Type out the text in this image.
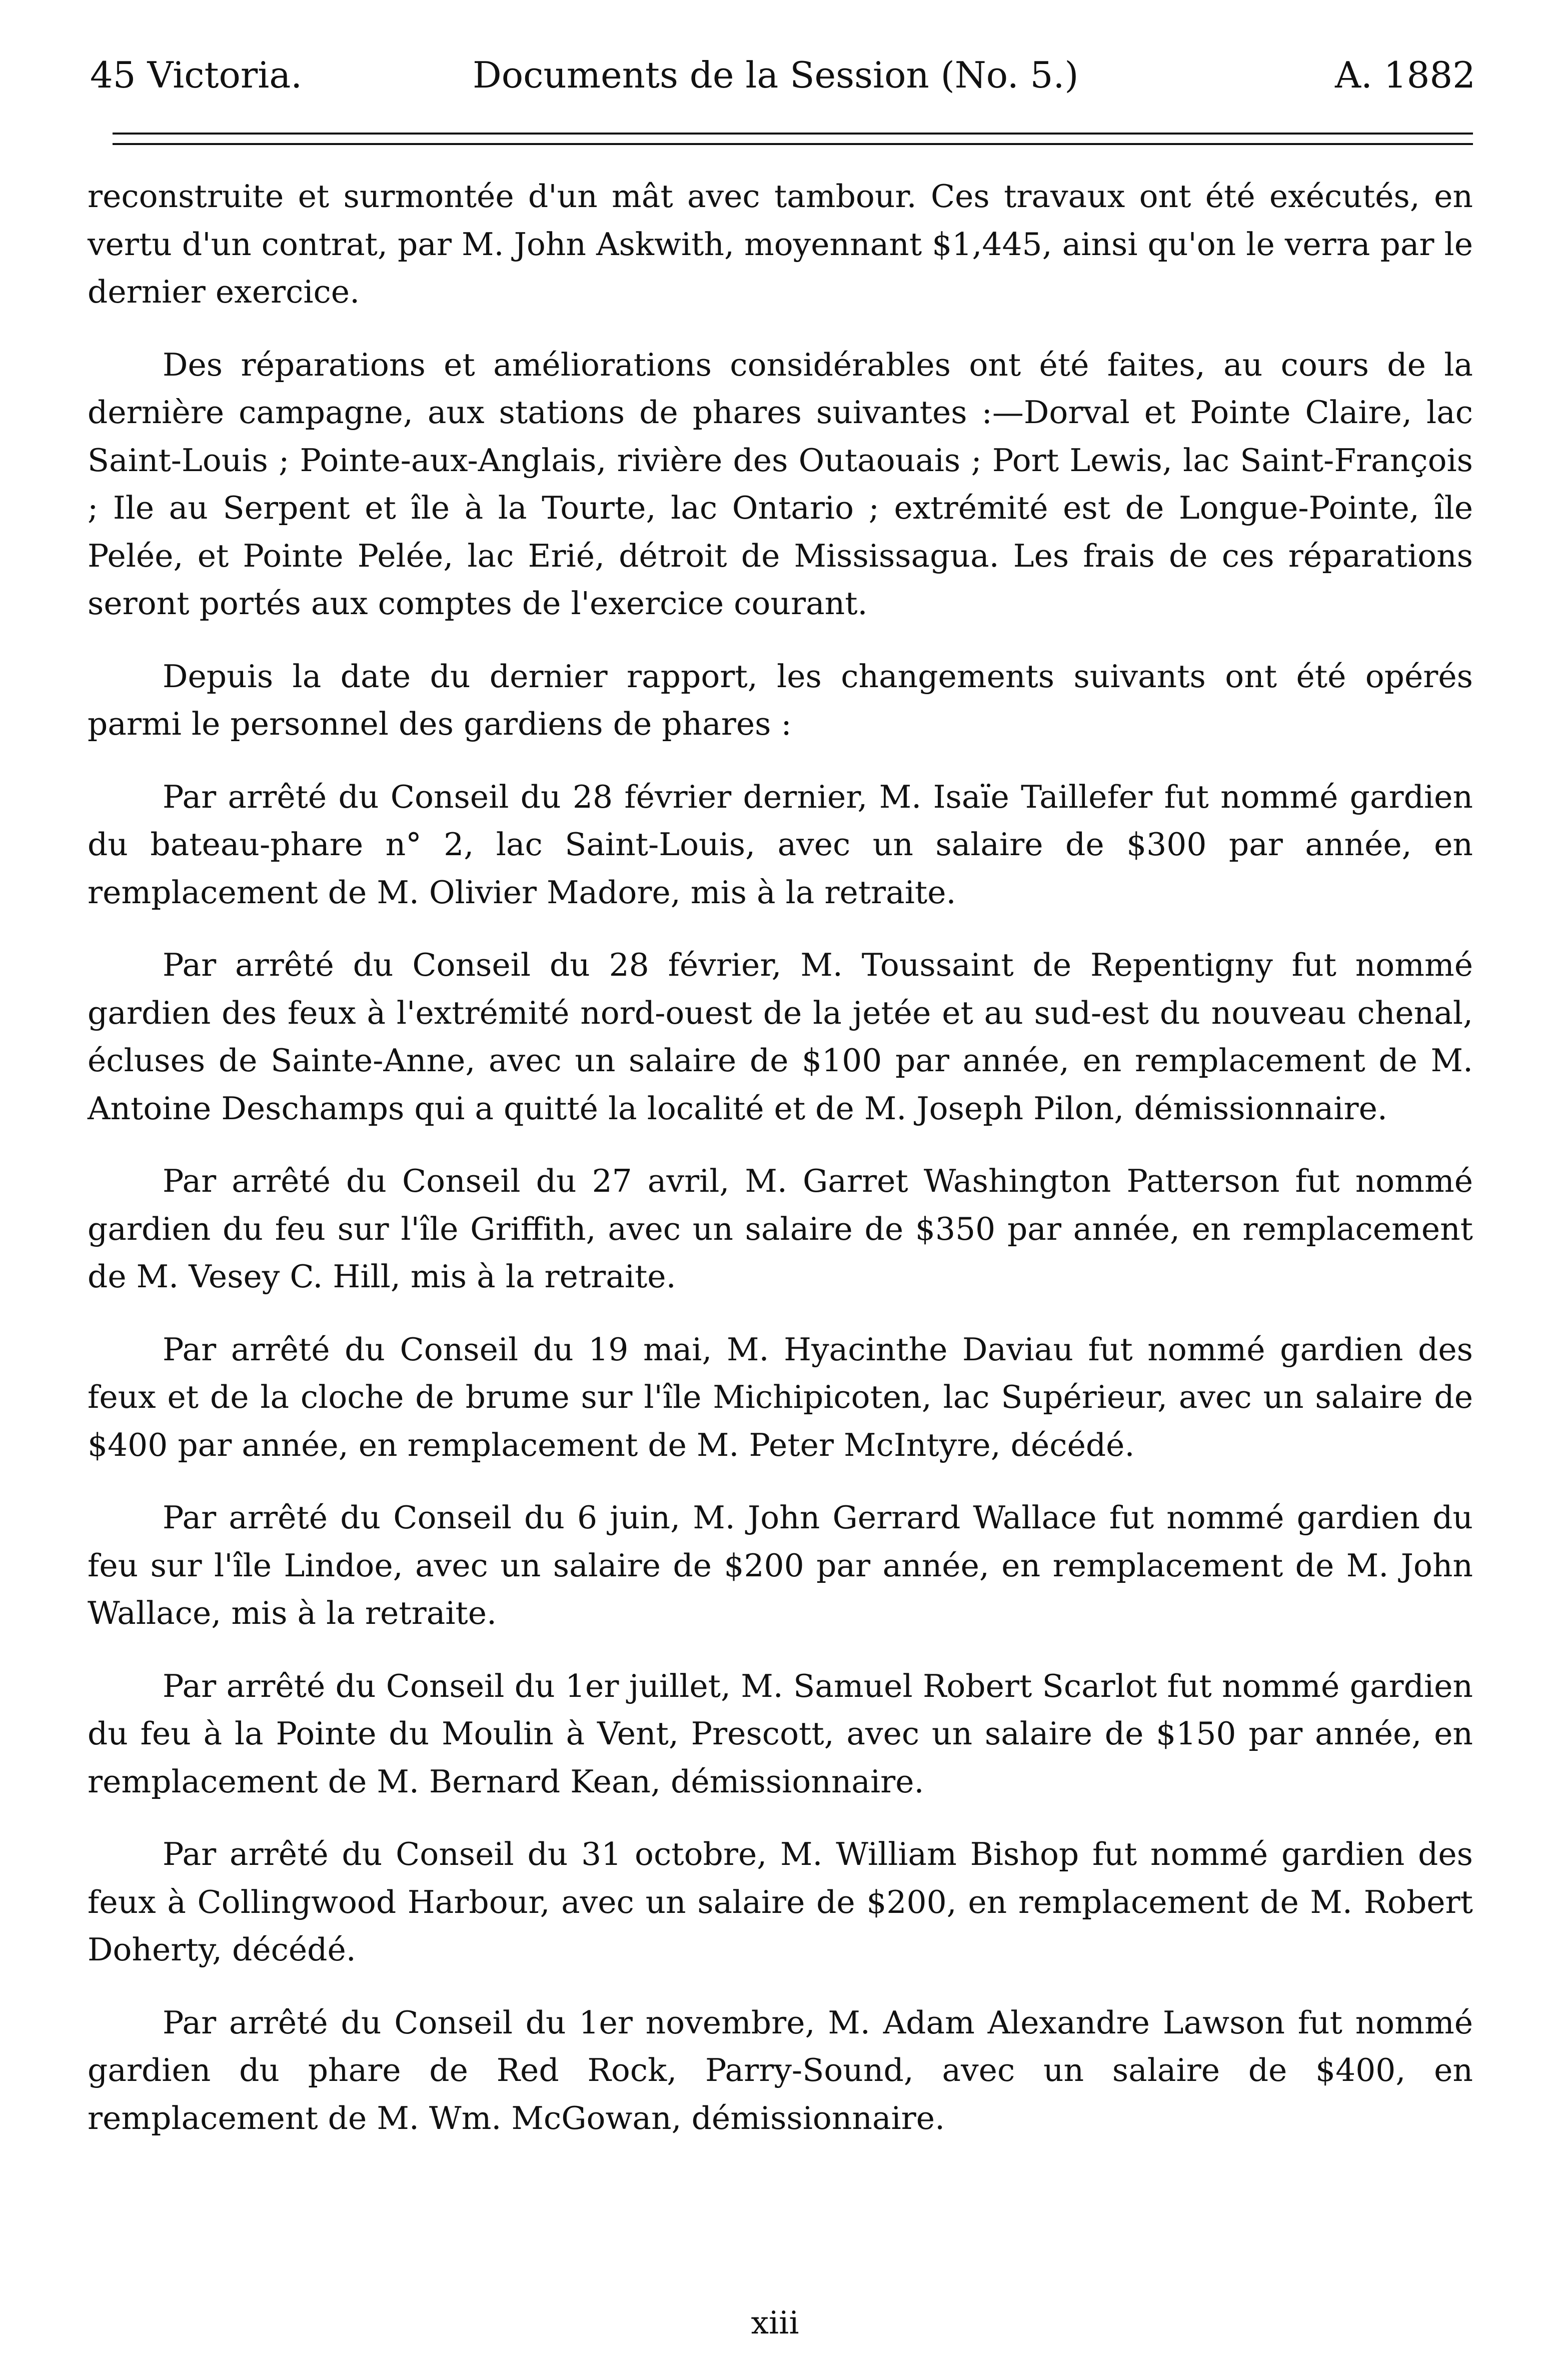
45 Victoria.	Documents de la Session (No. 5.)	A. 1882

reconstruite et surmontée d'un mât avec tambour. Ces travaux ont été exécutés, en vertu d'un contrat, par M. John Askwith, moyennant $1,445, ainsi qu'on le verra par le dernier exercice.

Des réparations et améliorations considérables ont été faites, au cours de la dernière campagne, aux stations de phares suivantes :—Dorval et Pointe Claire, lac Saint-Louis ; Pointe-aux-Anglais, rivière des Outaouais ; Port Lewis, lac Saint-François ; Ile au Serpent et île à la Tourte, lac Ontario ; extrémité est de Longue-Pointe, île Pelée, et Pointe Pelée, lac Erié, détroit de Mississagua. Les frais de ces réparations seront portés aux comptes de l'exercice courant.

Depuis la date du dernier rapport, les changements suivants ont été opérés parmi le personnel des gardiens de phares :

Par arrêté du Conseil du 28 février dernier, M. Isaïe Taillefer fut nommé gardien du bateau-phare n° 2, lac Saint-Louis, avec un salaire de $300 par année, en remplacement de M. Olivier Madore, mis à la retraite.

Par arrêté du Conseil du 28 février, M. Toussaint de Repentigny fut nommé gardien des feux à l'extrémité nord-ouest de la jetée et au sud-est du nouveau chenal, écluses de Sainte-Anne, avec un salaire de $100 par année, en remplacement de M. Antoine Deschamps qui a quitté la localité et de M. Joseph Pilon, démissionnaire.

Par arrêté du Conseil du 27 avril, M. Garret Washington Patterson fut nommé gardien du feu sur l'île Griffith, avec un salaire de $350 par année, en remplacement de M. Vesey C. Hill, mis à la retraite.

Par arrêté du Conseil du 19 mai, M. Hyacinthe Daviau fut nommé gardien des feux et de la cloche de brume sur l'île Michipicoten, lac Supérieur, avec un salaire de $400 par année, en remplacement de M. Peter McIntyre, décédé.

Par arrêté du Conseil du 6 juin, M. John Gerrard Wallace fut nommé gardien du feu sur l'île Lindoe, avec un salaire de $200 par année, en remplacement de M. John Wallace, mis à la retraite.

Par arrêté du Conseil du 1er juillet, M. Samuel Robert Scarlot fut nommé gardien du feu à la Pointe du Moulin à Vent, Prescott, avec un salaire de $150 par année, en remplacement de M. Bernard Kean, démissionnaire.

Par arrêté du Conseil du 31 octobre, M. William Bishop fut nommé gardien des feux à Collingwood Harbour, avec un salaire de $200, en remplacement de M. Robert Doherty, décédé.

Par arrêté du Conseil du 1er novembre, M. Adam Alexandre Lawson fut nommé gardien du phare de Red Rock, Parry-Sound, avec un salaire de $400, en remplacement de M. Wm. McGowan, démissionnaire.

xiii
